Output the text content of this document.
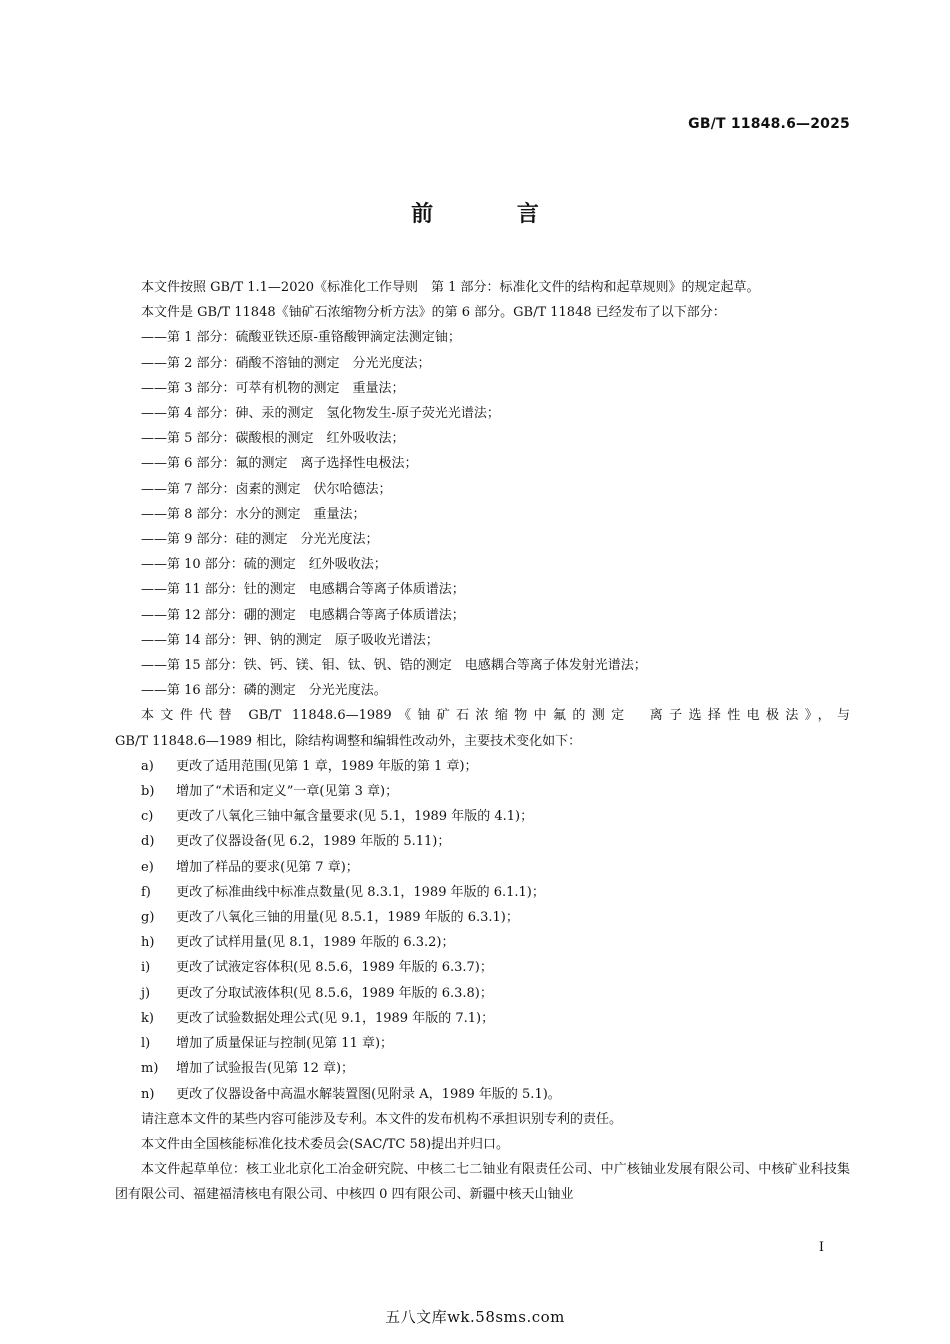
GB/T 11848.6—2025
前 言

本文件按照 GB/T 1.1—2020《标准化工作导则　第 1 部分：标准化文件的结构和起草规则》的规定起草。

本文件是 GB/T 11848《铀矿石浓缩物分析方法》的第 6 部分。GB/T 11848 已经发布了以下部分：

——第 1 部分：硫酸亚铁还原-重铬酸钾滴定法测定铀；

——第 2 部分：硝酸不溶铀的测定　分光光度法；

——第 3 部分：可萃有机物的测定　重量法；

——第 4 部分：砷、汞的测定　氢化物发生-原子荧光光谱法；

——第 5 部分：碳酸根的测定　红外吸收法；

——第 6 部分：氟的测定　离子选择性电极法；

——第 7 部分：卤素的测定　伏尔哈德法；

——第 8 部分：水分的测定　重量法；

——第 9 部分：硅的测定　分光光度法；

——第 10 部分：硫的测定　红外吸收法；

——第 11 部分：钍的测定　电感耦合等离子体质谱法；

——第 12 部分：硼的测定　电感耦合等离子体质谱法；

——第 14 部分：钾、钠的测定　原子吸收光谱法；

——第 15 部分：铁、钙、镁、钼、钛、钒、锆的测定　电感耦合等离子体发射光谱法；

——第 16 部分：磷的测定　分光光度法。

本文件代替 GB/T 11848.6—1989《铀矿石浓缩物中氟的测定　离子选择性电极法》，与

GB/T 11848.6—1989 相比，除结构调整和编辑性改动外，主要技术变化如下：

a) 更改了适用范围(见第 1 章，1989 年版的第 1 章)；

b) 增加了“术语和定义”一章(见第 3 章)；

c) 更改了八氧化三铀中氟含量要求(见 5.1，1989 年版的 4.1)；

d) 更改了仪器设备(见 6.2，1989 年版的 5.11)；

e) 增加了样品的要求(见第 7 章)；

f) 更改了标准曲线中标准点数量(见 8.3.1，1989 年版的 6.1.1)；

g) 更改了八氧化三铀的用量(见 8.5.1，1989 年版的 6.3.1)；

h) 更改了试样用量(见 8.1，1989 年版的 6.3.2)；

i) 更改了试液定容体积(见 8.5.6，1989 年版的 6.3.7)；

j) 更改了分取试液体积(见 8.5.6，1989 年版的 6.3.8)；

k) 更改了试验数据处理公式(见 9.1，1989 年版的 7.1)；

l) 增加了质量保证与控制(见第 11 章)；

m) 增加了试验报告(见第 12 章)；

n) 更改了仪器设备中高温水解装置图(见附录 A，1989 年版的 5.1)。

请注意本文件的某些内容可能涉及专利。本文件的发布机构不承担识别专利的责任。

本文件由全国核能标准化技术委员会(SAC/TC 58)提出并归口。

本文件起草单位：核工业北京化工冶金研究院、中核二七二铀业有限责任公司、中广核铀业发展有限公司、中核矿业科技集团有限公司、福建福清核电有限公司、中核四 0 四有限公司、新疆中核天山铀业

I
五八文库wk.58sms.com
